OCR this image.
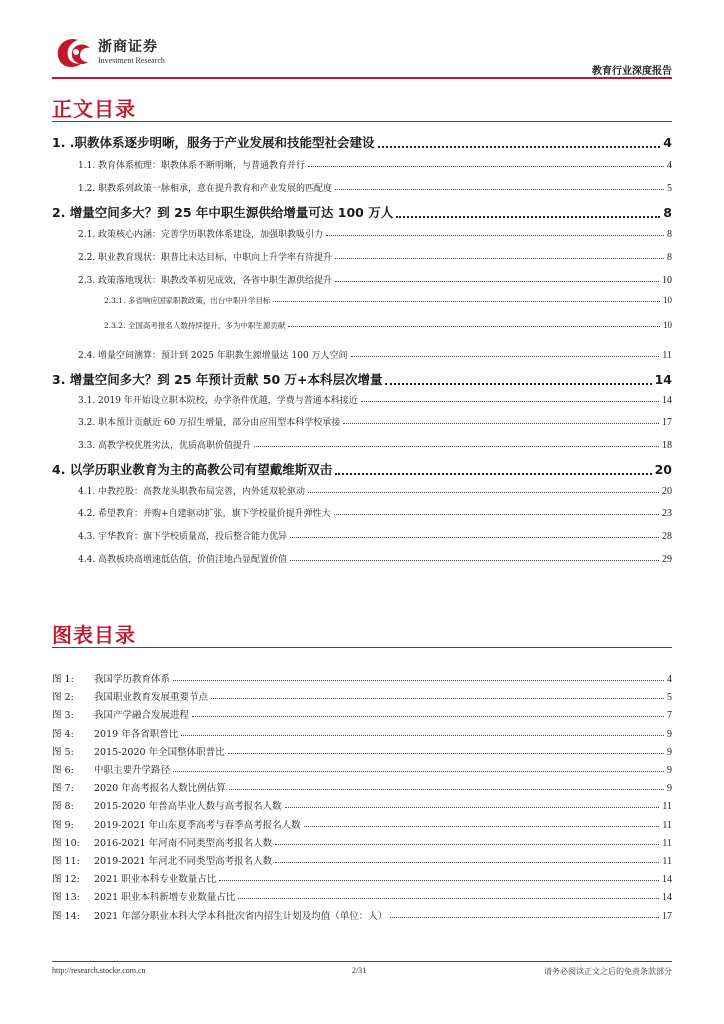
浙商证券
Investment Research
教育行业深度报告
正文目录
1. .职教体系逐步明晰，服务于产业发展和技能型社会建设	4
1.1. 教育体系梳理：职教体系不断明晰，与普通教育并行	4
1.2. 职教系列政策一脉相承，意在提升教育和产业发展的匹配度	5
2. 增量空间多大？到 25 年中职生源供给增量可达 100 万人	8
2.1. 政策核心内涵：完善学历职教体系建设，加强职教吸引力	8
2.2. 职业教育现状：职普比未达目标，中职向上升学率有待提升	8
2.3. 政策落地现状：职教改革初见成效，各省中职生源供给提升	10
2.3.1. 多省响应国家职教政策，出台中职升学目标	10
2.3.2. 全国高考报名人数持续提升，多为中职生源贡献	10
2.4. 增量空间测算：预计到 2025 年职教生源增量达 100 万人空间	11
3. 增量空间多大？到 25 年预计贡献 50 万+本科层次增量	14
3.1. 2019 年开始设立职本院校，办学条件优越，学费与普通本科接近	14
3.2. 职本预计贡献近 60 万招生增量，部分由应用型本科学校承接	17
3.3. 高教学校优胜劣汰，优质高职价值提升	18
4. 以学历职业教育为主的高教公司有望戴维斯双击	20
4.1. 中教控股：高教龙头职教布局完善，内外延双轮驱动	20
4.2. 希望教育：并购+自建驱动扩张，旗下学校量价提升弹性大	23
4.3. 宇华教育：旗下学校质量高，投后整合能力优异	28
4.4. 高教板块高增速低估值，价值洼地凸显配置价值	29
图表目录
图 1:	我国学历教育体系	4
图 2:	我国职业教育发展重要节点	5
图 3:	我国产学融合发展进程	7
图 4:	2019 年各省职普比	9
图 5:	2015-2020 年全国整体职普比	9
图 6:	中职主要升学路径	9
图 7:	2020 年高考报名人数比例估算	9
图 8:	2015-2020 年普高毕业人数与高考报名人数	11
图 9:	2019-2021 年山东夏季高考与春季高考报名人数	11
图 10:	2016-2021 年河南不同类型高考报名人数	11
图 11:	2019-2021 年河北不同类型高考报名人数	11
图 12:	2021 职业本科专业数量占比	14
图 13:	2021 职业本科新增专业数量占比	14
图 14:	2021 年部分职业本科大学本科批次省内招生计划及均值（单位：人）	17
http://research.stocke.com.cn	2/31	请务必阅读正文之后的免责条款部分
